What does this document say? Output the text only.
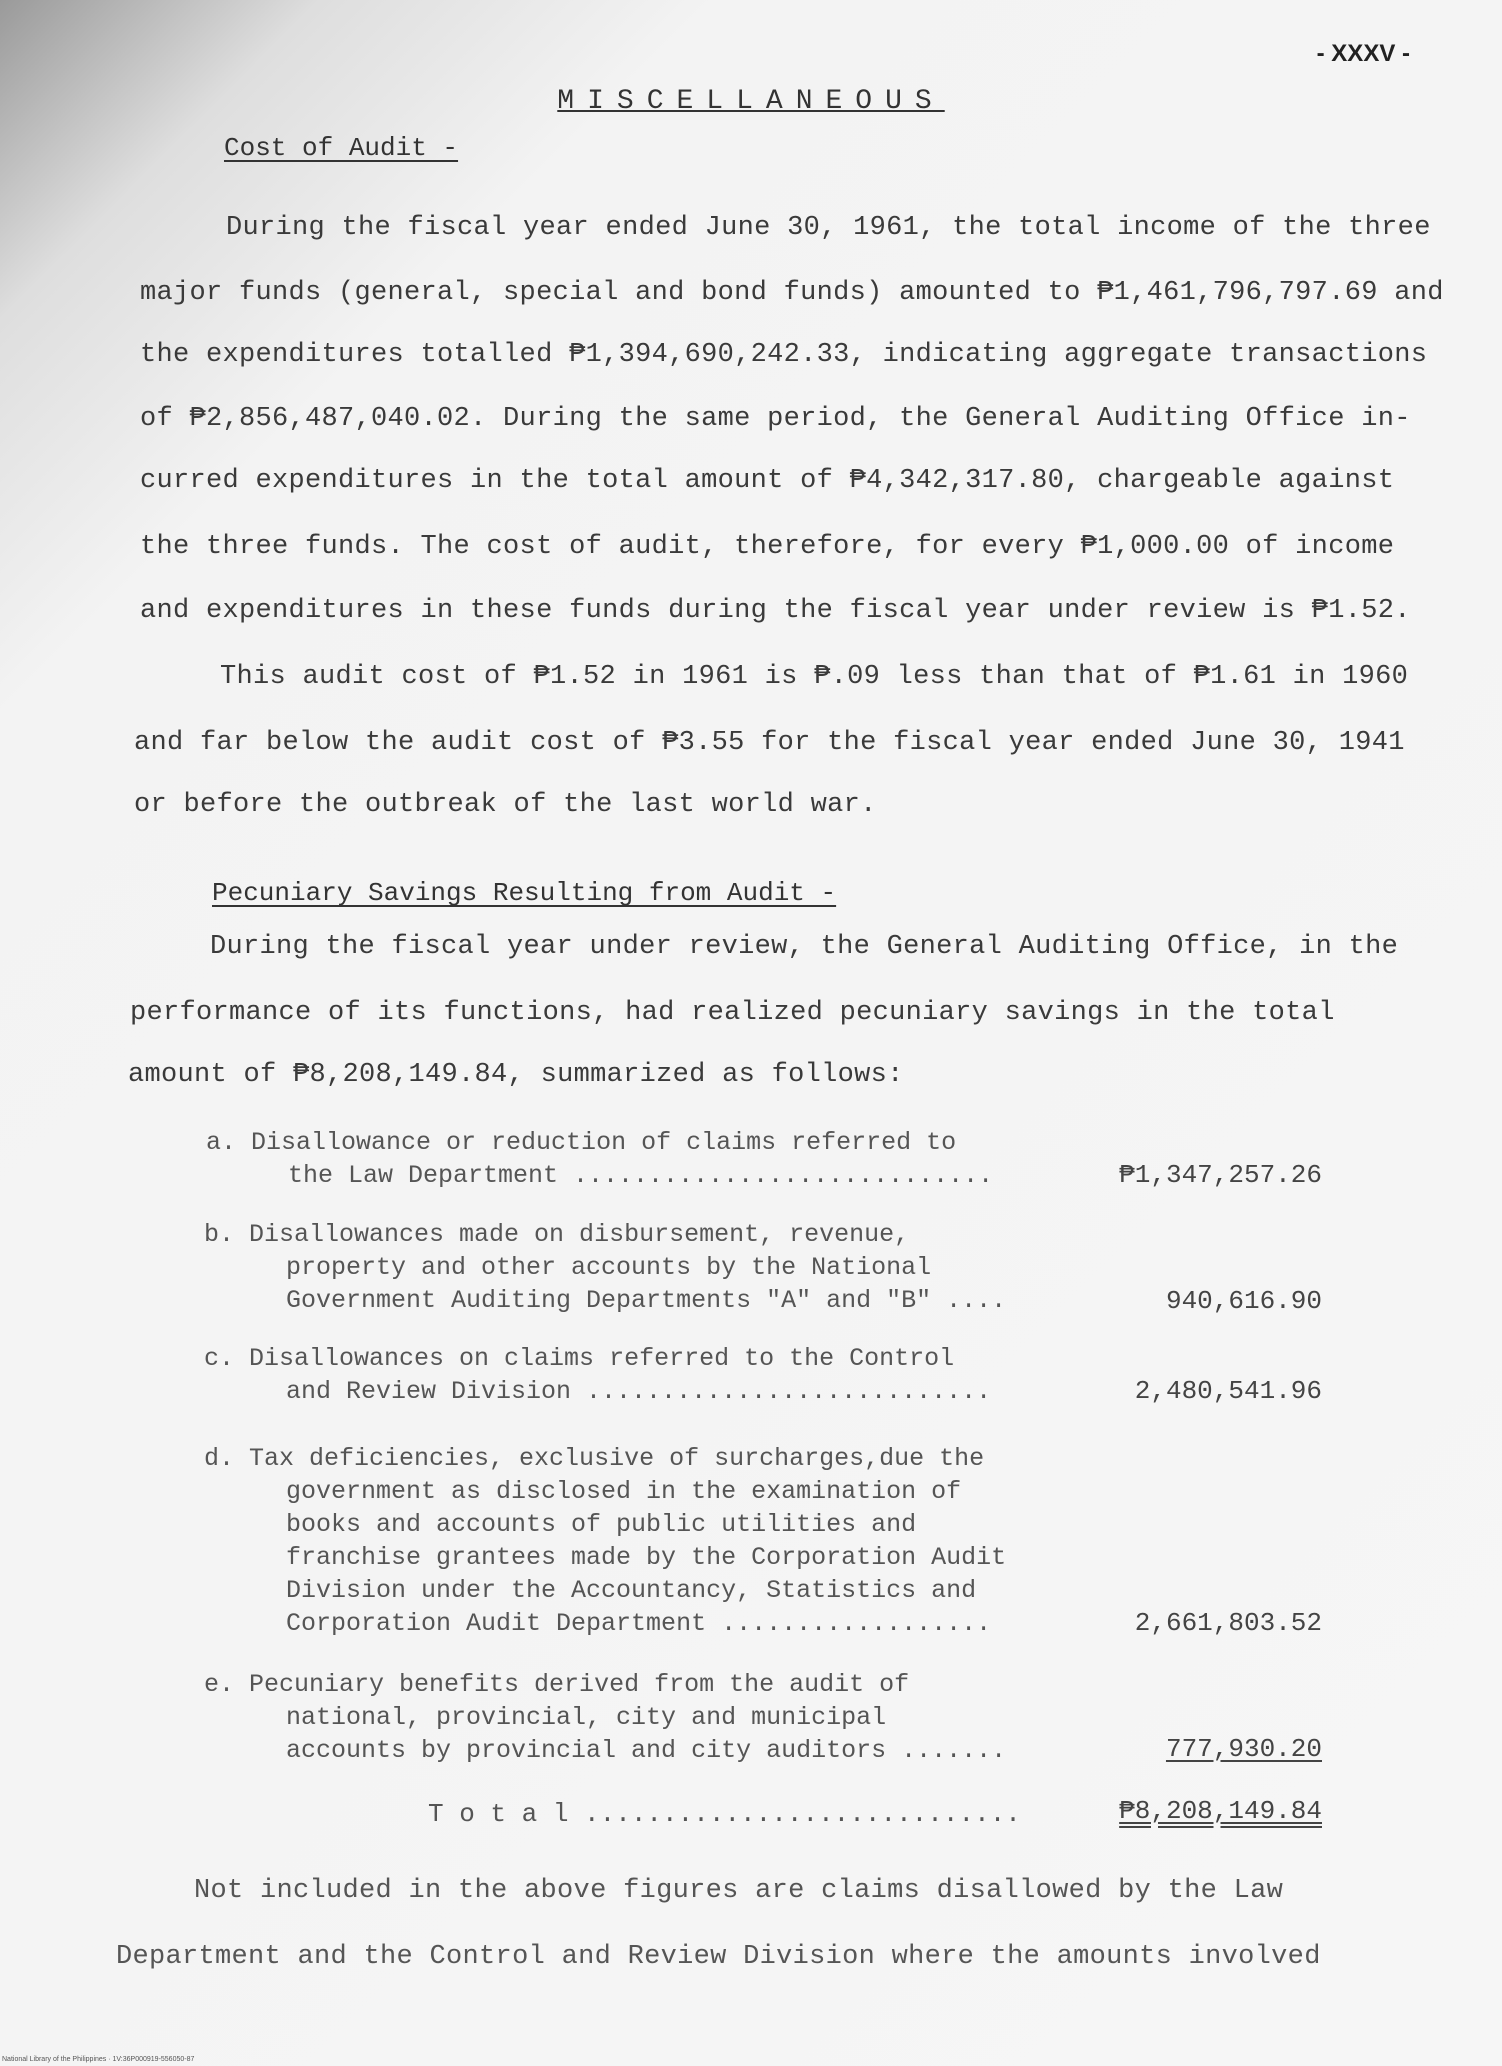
- XXXV -
MISCELLANEOUS
Cost of Audit -
During the fiscal year ended June 30, 1961, the total income of the three
major funds (general, special and bond funds) amounted to ₱1,461,796,797.69 and
the expenditures totalled ₱1,394,690,242.33, indicating aggregate transactions
of ₱2,856,487,040.02. During the same period, the General Auditing Office in-
curred expenditures in the total amount of ₱4,342,317.80, chargeable against
the three funds. The cost of audit, therefore, for every ₱1,000.00 of income
and expenditures in these funds during the fiscal year under review is ₱1.52.
This audit cost of ₱1.52 in 1961 is ₱.09 less than that of ₱1.61 in 1960
and far below the audit cost of ₱3.55 for the fiscal year ended June 30, 1941
or before the outbreak of the last world war.
Pecuniary Savings Resulting from Audit -
During the fiscal year under review, the General Auditing Office, in the
performance of its functions, had realized pecuniary savings in the total
amount of ₱8,208,149.84, summarized as follows:
a. Disallowance or reduction of claims referred to
the Law Department ............................	₱1,347,257.26
b. Disallowances made on disbursement, revenue,
property and other accounts by the National
Government Auditing Departments "A" and "B" ....	940,616.90
c. Disallowances on claims referred to the Control
and Review Division ...........................	2,480,541.96
d. Tax deficiencies, exclusive of surcharges,due the
government as disclosed in the examination of
books and accounts of public utilities and
franchise grantees made by the Corporation Audit
Division under the Accountancy, Statistics and
Corporation Audit Department ..................	2,661,803.52
e. Pecuniary benefits derived from the audit of
national, provincial, city and municipal
accounts by provincial and city auditors .......	777,930.20
T o t a l ............................	₱8,208,149.84
Not included in the above figures are claims disallowed by the Law
Department and the Control and Review Division where the amounts involved
National Library of the Philippines · 1V:36P000919-556050-87
